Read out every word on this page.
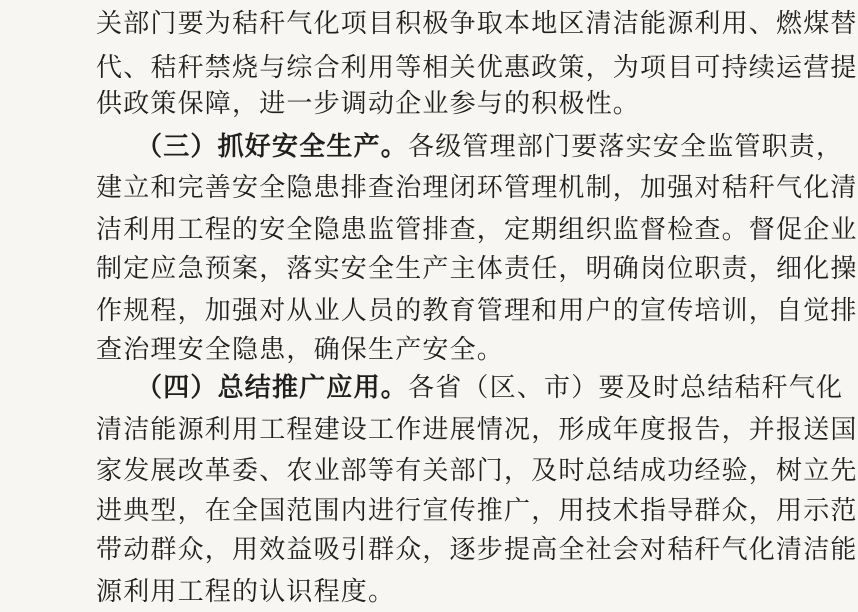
关部门要为秸秆气化项目积极争取本地区清洁能源利用、燃煤替
代、秸秆禁烧与综合利用等相关优惠政策，为项目可持续运营提
供政策保障，进一步调动企业参与的积极性。
（三）抓好安全生产。各级管理部门要落实安全监管职责，
建立和完善安全隐患排查治理闭环管理机制，加强对秸秆气化清
洁利用工程的安全隐患监管排查，定期组织监督检查。督促企业
制定应急预案，落实安全生产主体责任，明确岗位职责，细化操
作规程，加强对从业人员的教育管理和用户的宣传培训，自觉排
查治理安全隐患，确保生产安全。
（四）总结推广应用。各省（区、市）要及时总结秸秆气化
清洁能源利用工程建设工作进展情况，形成年度报告，并报送国
家发展改革委、农业部等有关部门，及时总结成功经验，树立先
进典型，在全国范围内进行宣传推广，用技术指导群众，用示范
带动群众，用效益吸引群众，逐步提高全社会对秸秆气化清洁能
源利用工程的认识程度。
